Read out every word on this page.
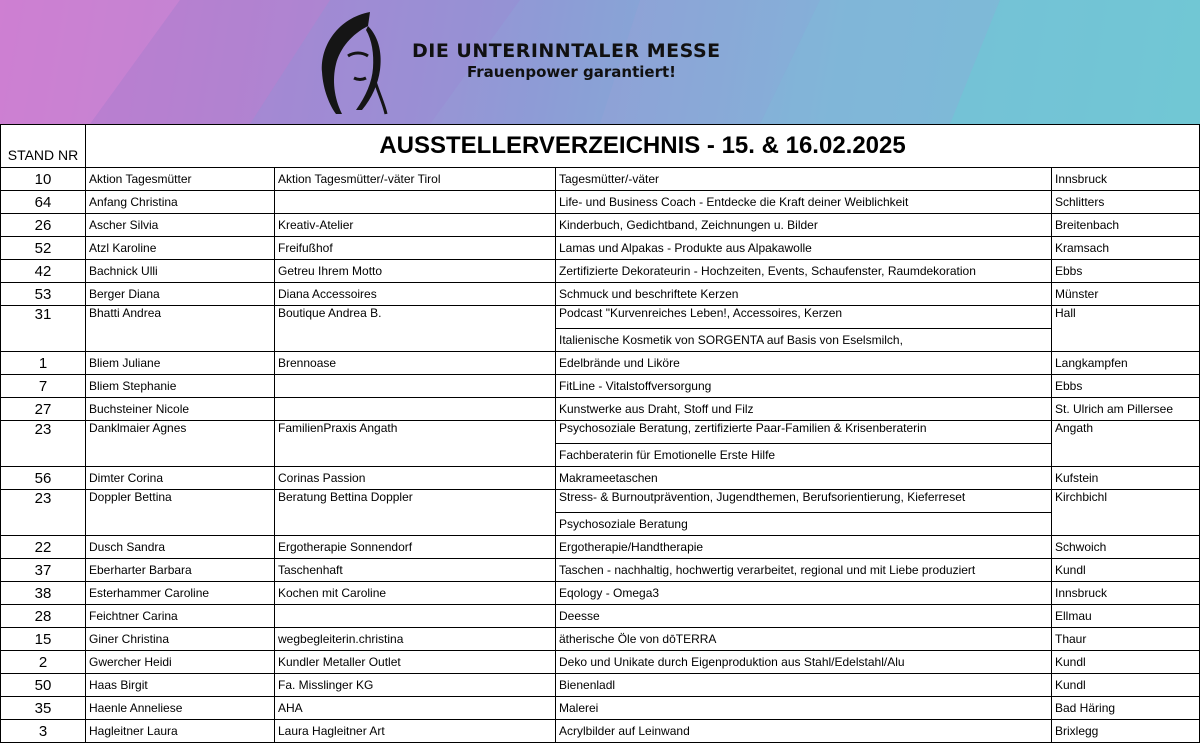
DIE UNTERINNTALER MESSE
Frauenpower garantiert!
STAND NR	AUSSTELLERVERZEICHNIS - 15. & 16.02.2025			
10	Aktion Tagesmütter	Aktion Tagesmütter/-väter Tirol	Tagesmütter/-väter	Innsbruck
64	Anfang Christina		Life- und Business Coach - Entdecke die Kraft deiner Weiblichkeit	Schlitters
26	Ascher Silvia	Kreativ-Atelier	Kinderbuch, Gedichtband, Zeichnungen u. Bilder	Breitenbach
52	Atzl Karoline	Freifußhof	Lamas und Alpakas - Produkte aus Alpakawolle	Kramsach
42	Bachnick Ulli	Getreu Ihrem Motto	Zertifizierte Dekorateurin - Hochzeiten, Events, Schaufenster, Raumdekoration	Ebbs
53	Berger Diana	Diana Accessoires	Schmuck und beschriftete Kerzen	Münster
31	Bhatti Andrea	Boutique Andrea B.	Podcast "Kurvenreiches Leben!, Accessoires, Kerzen	Hall
			Italienische Kosmetik von SORGENTA auf Basis von Eselsmilch,	
1	Bliem Juliane	Brennoase	Edelbrände und Liköre	Langkampfen
7	Bliem Stephanie		FitLine - Vitalstoffversorgung	Ebbs
27	Buchsteiner Nicole		Kunstwerke aus Draht, Stoff und Filz	St. Ulrich am Pillersee
23	Danklmaier Agnes	FamilienPraxis Angath	Psychosoziale Beratung, zertifizierte Paar-Familien & Krisenberaterin	Angath
			Fachberaterin für Emotionelle Erste Hilfe	
56	Dimter Corina	Corinas Passion	Makrameetaschen	Kufstein
23	Doppler Bettina	Beratung Bettina Doppler	Stress- & Burnoutprävention, Jugendthemen, Berufsorientierung, Kieferreset	Kirchbichl
			Psychosoziale Beratung	
22	Dusch Sandra	Ergotherapie Sonnendorf	Ergotherapie/Handtherapie	Schwoich
37	Eberharter Barbara	Taschenhaft	Taschen - nachhaltig, hochwertig verarbeitet, regional und mit Liebe produziert	Kundl
38	Esterhammer Caroline	Kochen mit Caroline	Eqology - Omega3	Innsbruck
28	Feichtner Carina		Deesse	Ellmau
15	Giner Christina	wegbegleiterin.christina	ätherische Öle von dōTERRA	Thaur
2	Gwercher Heidi	Kundler Metaller Outlet	Deko und Unikate durch Eigenproduktion aus Stahl/Edelstahl/Alu	Kundl
50	Haas Birgit	Fa. Misslinger KG	Bienenladl	Kundl
35	Haenle Anneliese	AHA	Malerei	Bad Häring
3	Hagleitner Laura	Laura Hagleitner Art	Acrylbilder auf Leinwand	Brixlegg
